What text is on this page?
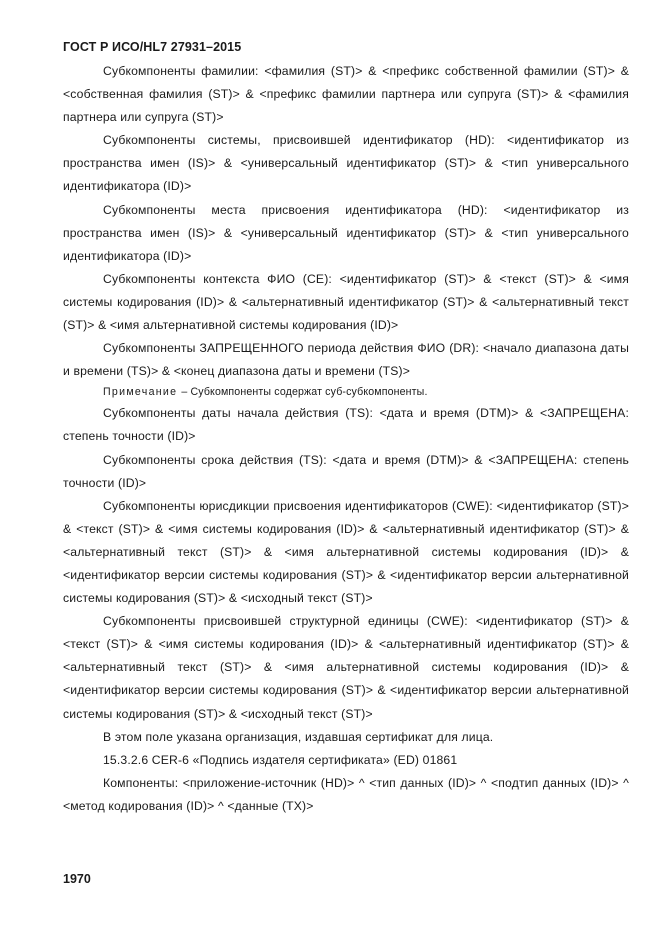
ГОСТ Р ИСО/HL7 27931–2015

Субкомпоненты фамилии: <фамилия (ST)> & <префикс собственной фамилии (ST)> & <собственная фамилия (ST)> & <префикс фамилии партнера или супруга (ST)> & <фамилия партнера или супруга (ST)>

Субкомпоненты системы, присвоившей идентификатор (HD): <идентификатор из пространства имен (IS)> & <универсальный идентификатор (ST)> & <тип универсального идентификатора (ID)>

Субкомпоненты места присвоения идентификатора (HD): <идентификатор из пространства имен (IS)> & <универсальный идентификатор (ST)> & <тип универсального идентификатора (ID)>

Субкомпоненты контекста ФИО (CE): <идентификатор (ST)> & <текст (ST)> & <имя системы кодирования (ID)> & <альтернативный идентификатор (ST)> & <альтернативный текст (ST)> & <имя альтернативной системы кодирования (ID)>

Субкомпоненты ЗАПРЕЩЕННОГО периода действия ФИО (DR): <начало диапазона даты и времени (TS)> & <конец диапазона даты и времени (TS)>

Примечание – Субкомпоненты содержат суб-субкомпоненты.

Субкомпоненты даты начала действия (TS): <дата и время (DTM)> & <ЗАПРЕЩЕНА: степень точности (ID)>

Субкомпоненты срока действия (TS): <дата и время (DTM)> & <ЗАПРЕЩЕНА: степень точности (ID)>

Субкомпоненты юрисдикции присвоения идентификаторов (CWE): <идентификатор (ST)> & <текст (ST)> & <имя системы кодирования (ID)> & <альтернативный идентификатор (ST)> & <альтернативный текст (ST)> & <имя альтернативной системы кодирования (ID)> & <идентификатор версии системы кодирования (ST)> & <идентификатор версии альтернативной системы кодирования (ST)> & <исходный текст (ST)>

Субкомпоненты присвоившей структурной единицы (CWE): <идентификатор (ST)> & <текст (ST)> & <имя системы кодирования (ID)> & <альтернативный идентификатор (ST)> & <альтернативный текст (ST)> & <имя альтернативной системы кодирования (ID)> & <идентификатор версии системы кодирования (ST)> & <идентификатор версии альтернативной системы кодирования (ST)> & <исходный текст (ST)>

В этом поле указана организация, издавшая сертификат для лица.

15.3.2.6 CER-6 «Подпись издателя сертификата» (ED) 01861

Компоненты: <приложение-источник (HD)> ^ <тип данных (ID)> ^ <подтип данных (ID)> ^ <метод кодирования (ID)> ^ <данные (TX)>

1970
